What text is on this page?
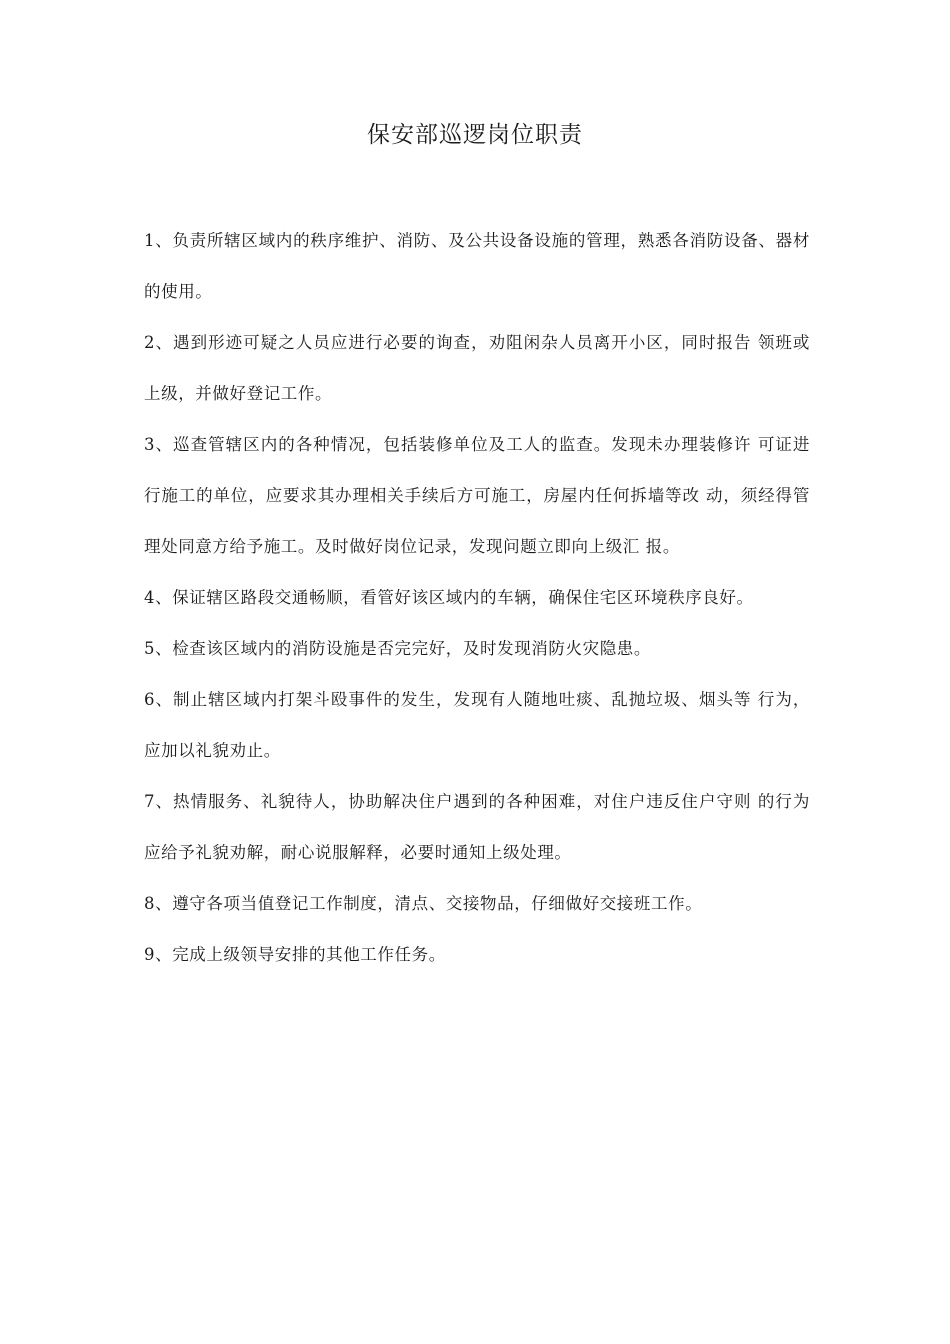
保安部巡逻岗位职责

1、负责所辖区域内的秩序维护、消防、及公共设备设施的管理，熟悉各消防设备、器材的使用。

2、遇到形迹可疑之人员应进行必要的询查，劝阻闲杂人员离开小区，同时报告 领班或上级，并做好登记工作。

3、巡查管辖区内的各种情况，包括装修单位及工人的监查。发现未办理装修许 可证进行施工的单位，应要求其办理相关手续后方可施工，房屋内任何拆墙等改 动，须经得管理处同意方给予施工。及时做好岗位记录，发现问题立即向上级汇 报。

4、保证辖区路段交通畅顺，看管好该区域内的车辆，确保住宅区环境秩序良好。

5、检查该区域内的消防设施是否完完好，及时发现消防火灾隐患。

6、制止辖区域内打架斗殴事件的发生，发现有人随地吐痰、乱抛垃圾、烟头等 行为，应加以礼貌劝止。

7、热情服务、礼貌待人，协助解决住户遇到的各种困难，对住户违反住户守则 的行为应给予礼貌劝解，耐心说服解释，必要时通知上级处理。

8、遵守各项当值登记工作制度，清点、交接物品，仔细做好交接班工作。

9、完成上级领导安排的其他工作任务。
